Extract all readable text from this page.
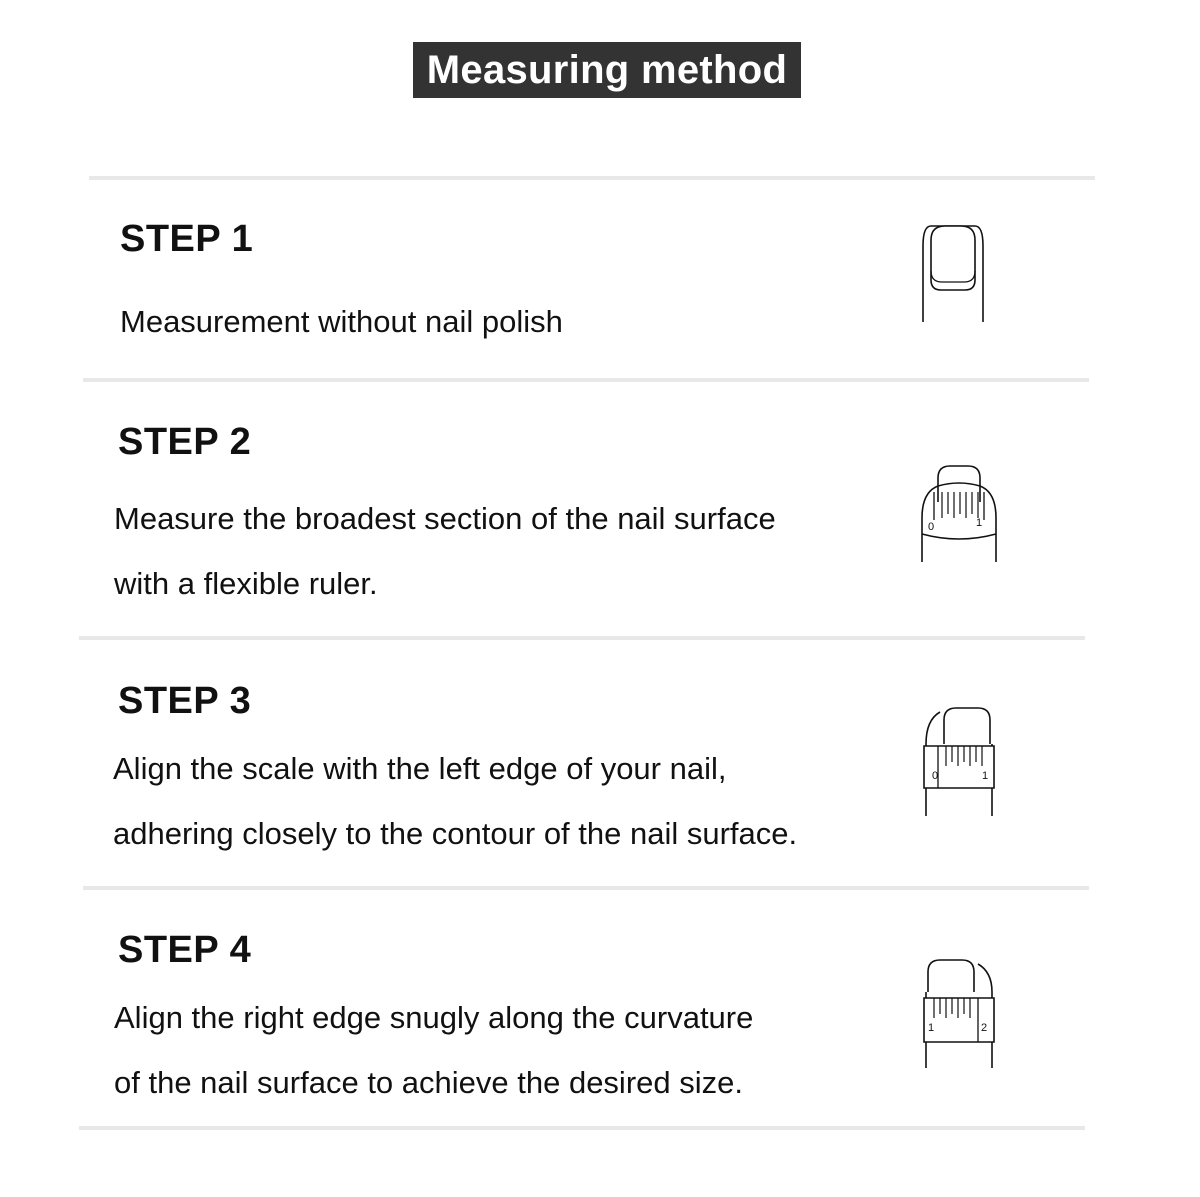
Measuring method
STEP 1
Measurement without nail polish
STEP 2
Measure the broadest section of the nail surface
with a flexible ruler.
0	1
STEP 3
Align the scale with the left edge of your nail,
adhering closely to the contour of the nail surface.
0	1
STEP 4
Align the right edge snugly along the curvature
of the nail surface to achieve the desired size.
1	2
